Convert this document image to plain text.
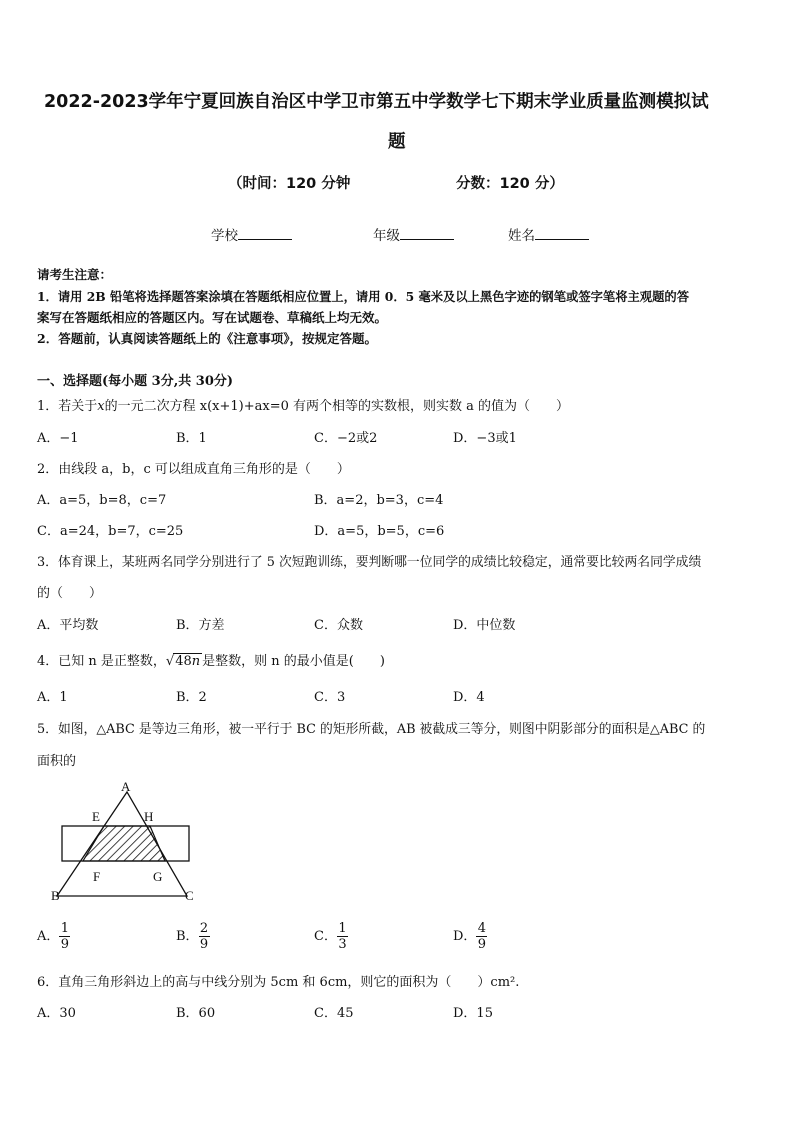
2022-2023学年宁夏回族自治区中学卫市第五中学数学七下期末学业质量监测模拟试
题
（时间：120 分钟	分数：120 分）
学校	年级	姓名
请考生注意：
1．请用 2B 铅笔将选择题答案涂填在答题纸相应位置上，请用 0．5 毫米及以上黑色字迹的钢笔或签字笔将主观题的答
案写在答题纸相应的答题区内。写在试题卷、草稿纸上均无效。
2．答题前，认真阅读答题纸上的《注意事项》，按规定答题。
一、选择题(每小题 3分,共 30分)
1．若关于x的一元二次方程 x(x+1)+ax=0 有两个相等的实数根，则实数 a 的值为（　　）
A．−1	B．1	C．−2或2	D．−3或1
2．由线段 a，b，c 可以组成直角三角形的是（　　）
A．a=5，b=8，c=7	B．a=2，b=3，c=4
C．a=24，b=7，c=25	D．a=5，b=5，c=6
3．体育课上，某班两名同学分别进行了 5 次短跑训练，要判断哪一位同学的成绩比较稳定，通常要比较两名同学成绩
的（　　）
A．平均数	B．方差	C．众数	D．中位数
4．已知 n 是正整数，√48n 是整数，则 n 的最小值是(　　)
A．1	B．2	C．3	D．4
5．如图，△ABC 是等边三角形，被一平行于 BC 的矩形所截，AB 被截成三等分，则图中阴影部分的面积是△ABC 的
面积的
A
B	C
E	H
F	G
A． $\frac{1}{9}$	B． $\frac{2}{9}$	C． $\frac{1}{3}$	D． $\frac{4}{9}$
6．直角三角形斜边上的高与中线分别为 5cm 和 6cm，则它的面积为（　　）cm².
A．30	B．60	C．45	D．15
